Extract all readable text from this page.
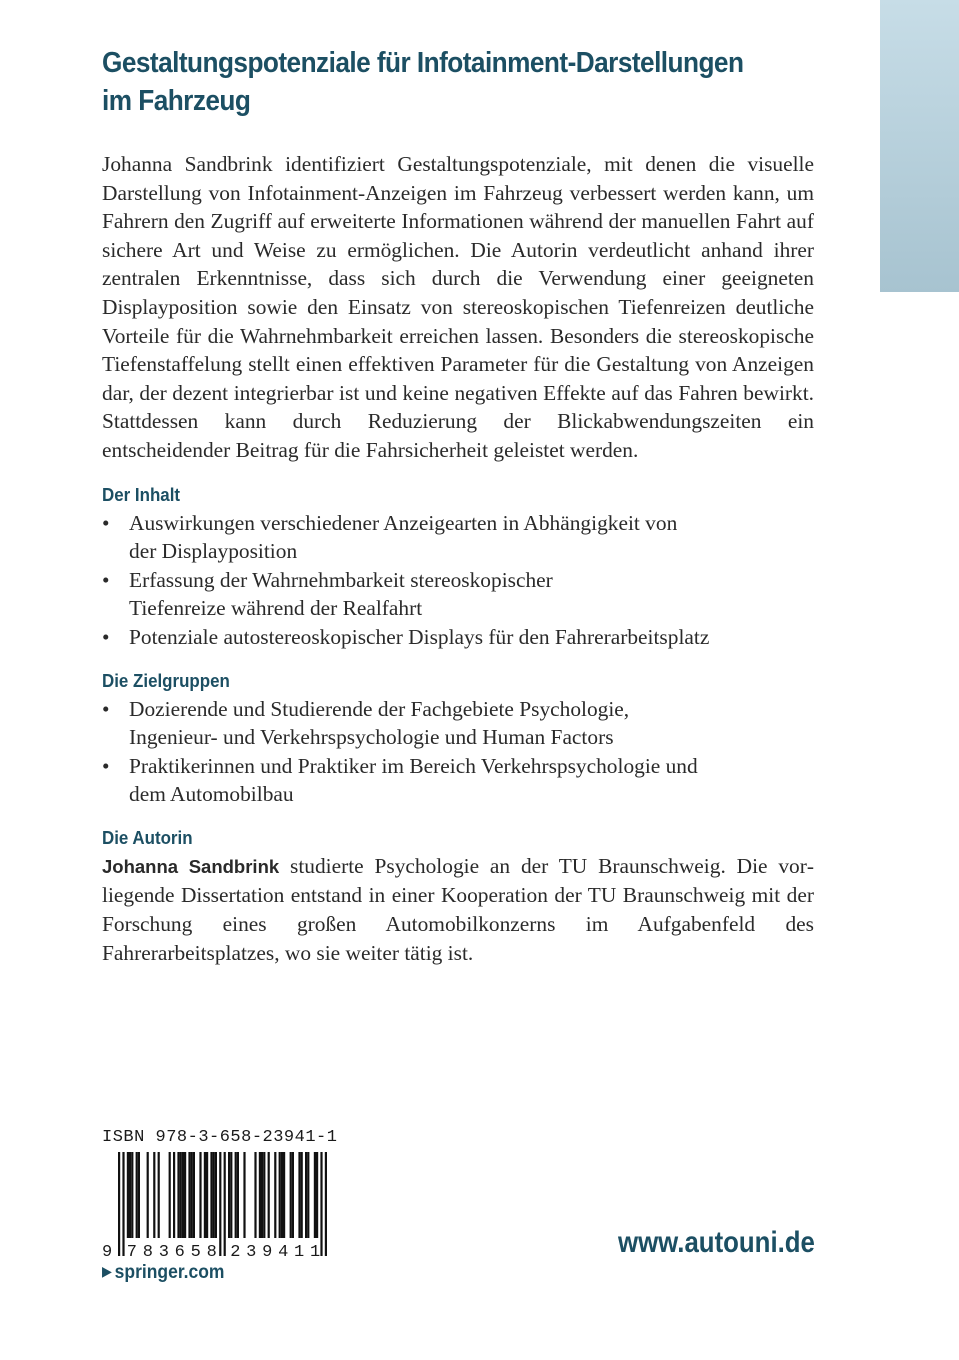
Gestaltungspotenziale für Infotainment-Darstellungen
im Fahrzeug

Johanna Sandbrink identifiziert Gestaltungspotenziale, mit denen die visuelle Darstellung von Infotainment-Anzeigen im Fahrzeug verbessert werden kann, um Fahrern den Zugriff auf erweiterte Informationen während der manuellen Fahrt auf sichere Art und Weise zu ermöglichen. Die Autorin verdeutlicht anhand ihrer zentralen Erkenntnisse, dass sich durch die Verwendung einer geeigneten Displayposition sowie den Einsatz von stereoskopischen Tiefenreizen deutliche Vorteile für die Wahrnehmbarkeit erreichen lassen. Besonders die stereoskopische Tiefenstaffelung stellt einen effektiven Parameter für die Gestaltung von Anzeigen dar, der dezent integrierbar ist und keine negativen Effekte auf das Fahren bewirkt. Stattdessen kann durch Reduzierung der Blickabwendungszeiten ein entscheidender Beitrag für die Fahrsicherheit geleistet werden.

Der Inhalt
• Auswirkungen verschiedener Anzeigearten in Abhängigkeit von der Displayposition
• Erfassung der Wahrnehmbarkeit stereoskopischer Tiefenreize während der Realfahrt
• Potenziale autostereoskopischer Displays für den Fahrerarbeitsplatz
Die Zielgruppen
• Dozierende und Studierende der Fachgebiete Psychologie, Ingenieur- und Verkehrspsychologie und Human Factors
• Praktikerinnen und Praktiker im Bereich Verkehrspsychologie und dem Automobilbau
Die Autorin

Johanna Sandbrink studierte Psychologie an der TU Braunschweig. Die vorliegende Dissertation entstand in einer Kooperation der TU Braunschweig mit der Forschung eines großen Automobilkonzerns im Aufgabenfeld des Fahrerarbeitsplatzes, wo sie weiter tätig ist.

ISBN 978-3-658-23941-1
9 783658 239411
▶ springer.com
www.autouni.de
